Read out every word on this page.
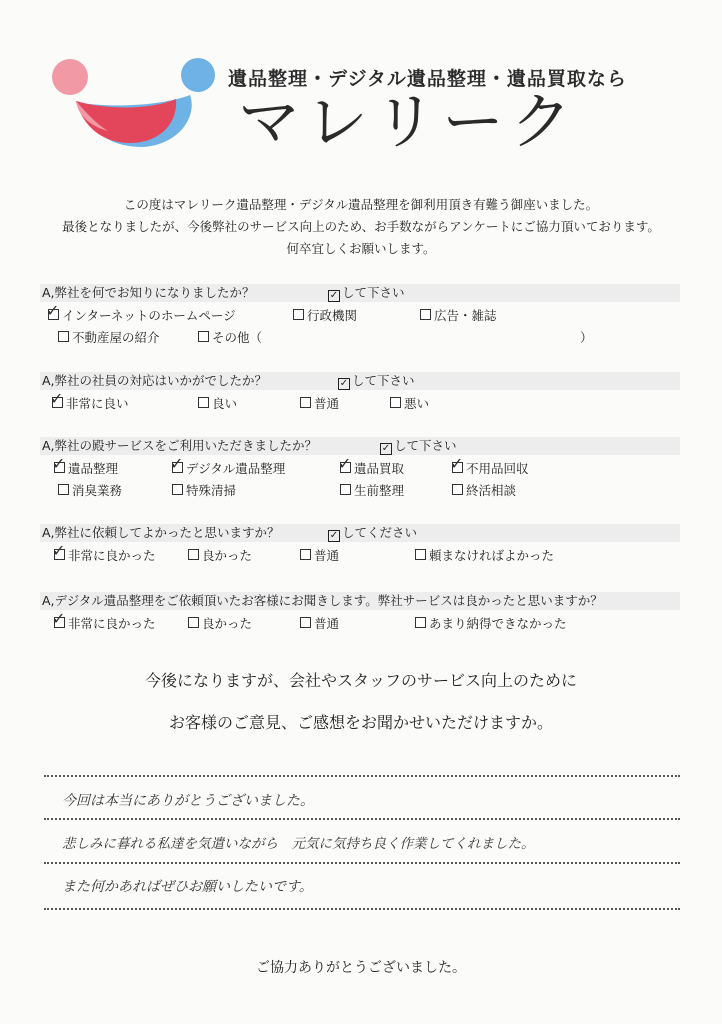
遺品整理・デジタル遺品整理・遺品買取なら
マレリーク
この度はマレリーク遺品整理・デジタル遺品整理を御利用頂き有難う御座いました。
最後となりましたが、今後弊社のサービス向上のため、お手数ながらアンケートにご協力頂いております。
何卒宜しくお願いします。
A,弊社を何でお知りになりましたか？	✓ して下さい
✓ インターネットのホームページ	行政機関	広告・雑誌
不動産屋の紹介	その他（	）
A,弊社の社員の対応はいかがでしたか？	✓ して下さい
✓ 非常に良い	良い	普通	悪い
A,弊社の殿サービスをご利用いただきましたか？	✓ して下さい
✓ 遺品整理	✓ デジタル遺品整理	✓ 遺品買取	✓ 不用品回収
消臭業務	特殊清掃	生前整理	終活相談
A,弊社に依頼してよかったと思いますか？	✓ してください
✓ 非常に良かった	良かった	普通	頼まなければよかった
A,デジタル遺品整理をご依頼頂いたお客様にお聞きします。弊社サービスは良かったと思いますか？
✓ 非常に良かった	良かった	普通	あまり納得できなかった
今後になりますが、会社やスタッフのサービス向上のために
お客様のご意見、ご感想をお聞かせいただけますか。
今回は本当にありがとうございました。
悲しみに暮れる私達を気遣いながら　元気に気持ち良く作業してくれました。
また何かあればぜひお願いしたいです。
ご協力ありがとうございました。
